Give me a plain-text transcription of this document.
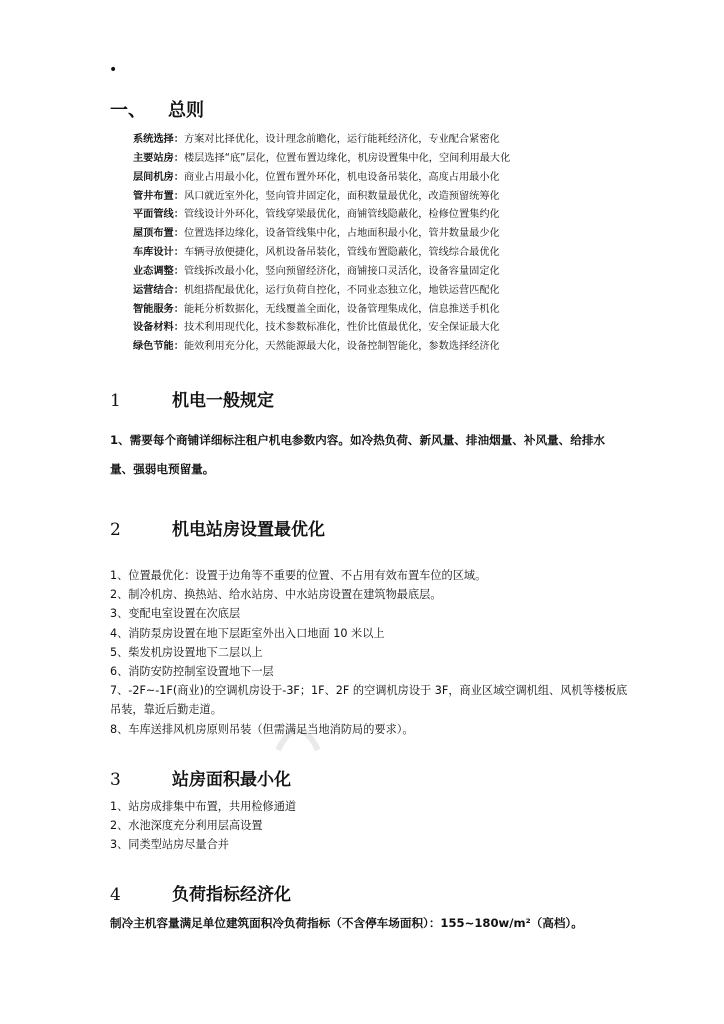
•
一、 总则
系统选择：方案对比择优化，设计理念前瞻化，运行能耗经济化，专业配合紧密化
主要站房：楼层选择“底”层化，位置布置边缘化，机房设置集中化，空间利用最大化
层间机房：商业占用最小化，位置布置外环化，机电设备吊装化，高度占用最小化
管井布置：风口就近室外化，竖向管井固定化，面积数量最优化，改造预留统筹化
平面管线：管线设计外环化，管线穿梁最优化，商铺管线隐蔽化，检修位置集约化
屋顶布置：位置选择边缘化，设备管线集中化，占地面积最小化，管井数量最少化
车库设计：车辆寻放便捷化，风机设备吊装化，管线布置隐蔽化，管线综合最优化
业态调整：管线拆改最小化，竖向预留经济化，商铺接口灵活化，设备容量固定化
运营结合：机组搭配最优化，运行负荷自控化，不同业态独立化，地铁运营匹配化
智能服务：能耗分析数据化，无线覆盖全面化，设备管理集成化，信息推送手机化
设备材料：技术利用现代化，技术参数标准化，性价比值最优化，安全保证最大化
绿色节能：能效利用充分化，天然能源最大化，设备控制智能化，参数选择经济化
1	机电一般规定

1、需要每个商铺详细标注租户机电参数内容。如冷热负荷、新风量、排油烟量、补风量、给排水量、强弱电预留量。

2	机电站房设置最优化
1、位置最优化：设置于边角等不重要的位置、不占用有效布置车位的区域。
2、制冷机房、换热站、给水站房、中水站房设置在建筑物最底层。
3、变配电室设置在次底层
4、消防泵房设置在地下层距室外出入口地面 10 米以上
5、柴发机房设置地下二层以上
6、消防安防控制室设置地下一层
7、-2F~-1F(商业)的空调机房设于-3F；1F、2F 的空调机房设于 3F，商业区域空调机组、风机等楼板底吊装，靠近后勤走道。
8、车库送排风机房原则吊装（但需满足当地消防局的要求）。
3	站房面积最小化
1、站房成排集中布置，共用检修通道
2、水池深度充分利用层高设置
3、同类型站房尽量合并
4	负荷指标经济化

制冷主机容量满足单位建筑面积冷负荷指标（不含停车场面积）：155~180w/m²（高档）。
